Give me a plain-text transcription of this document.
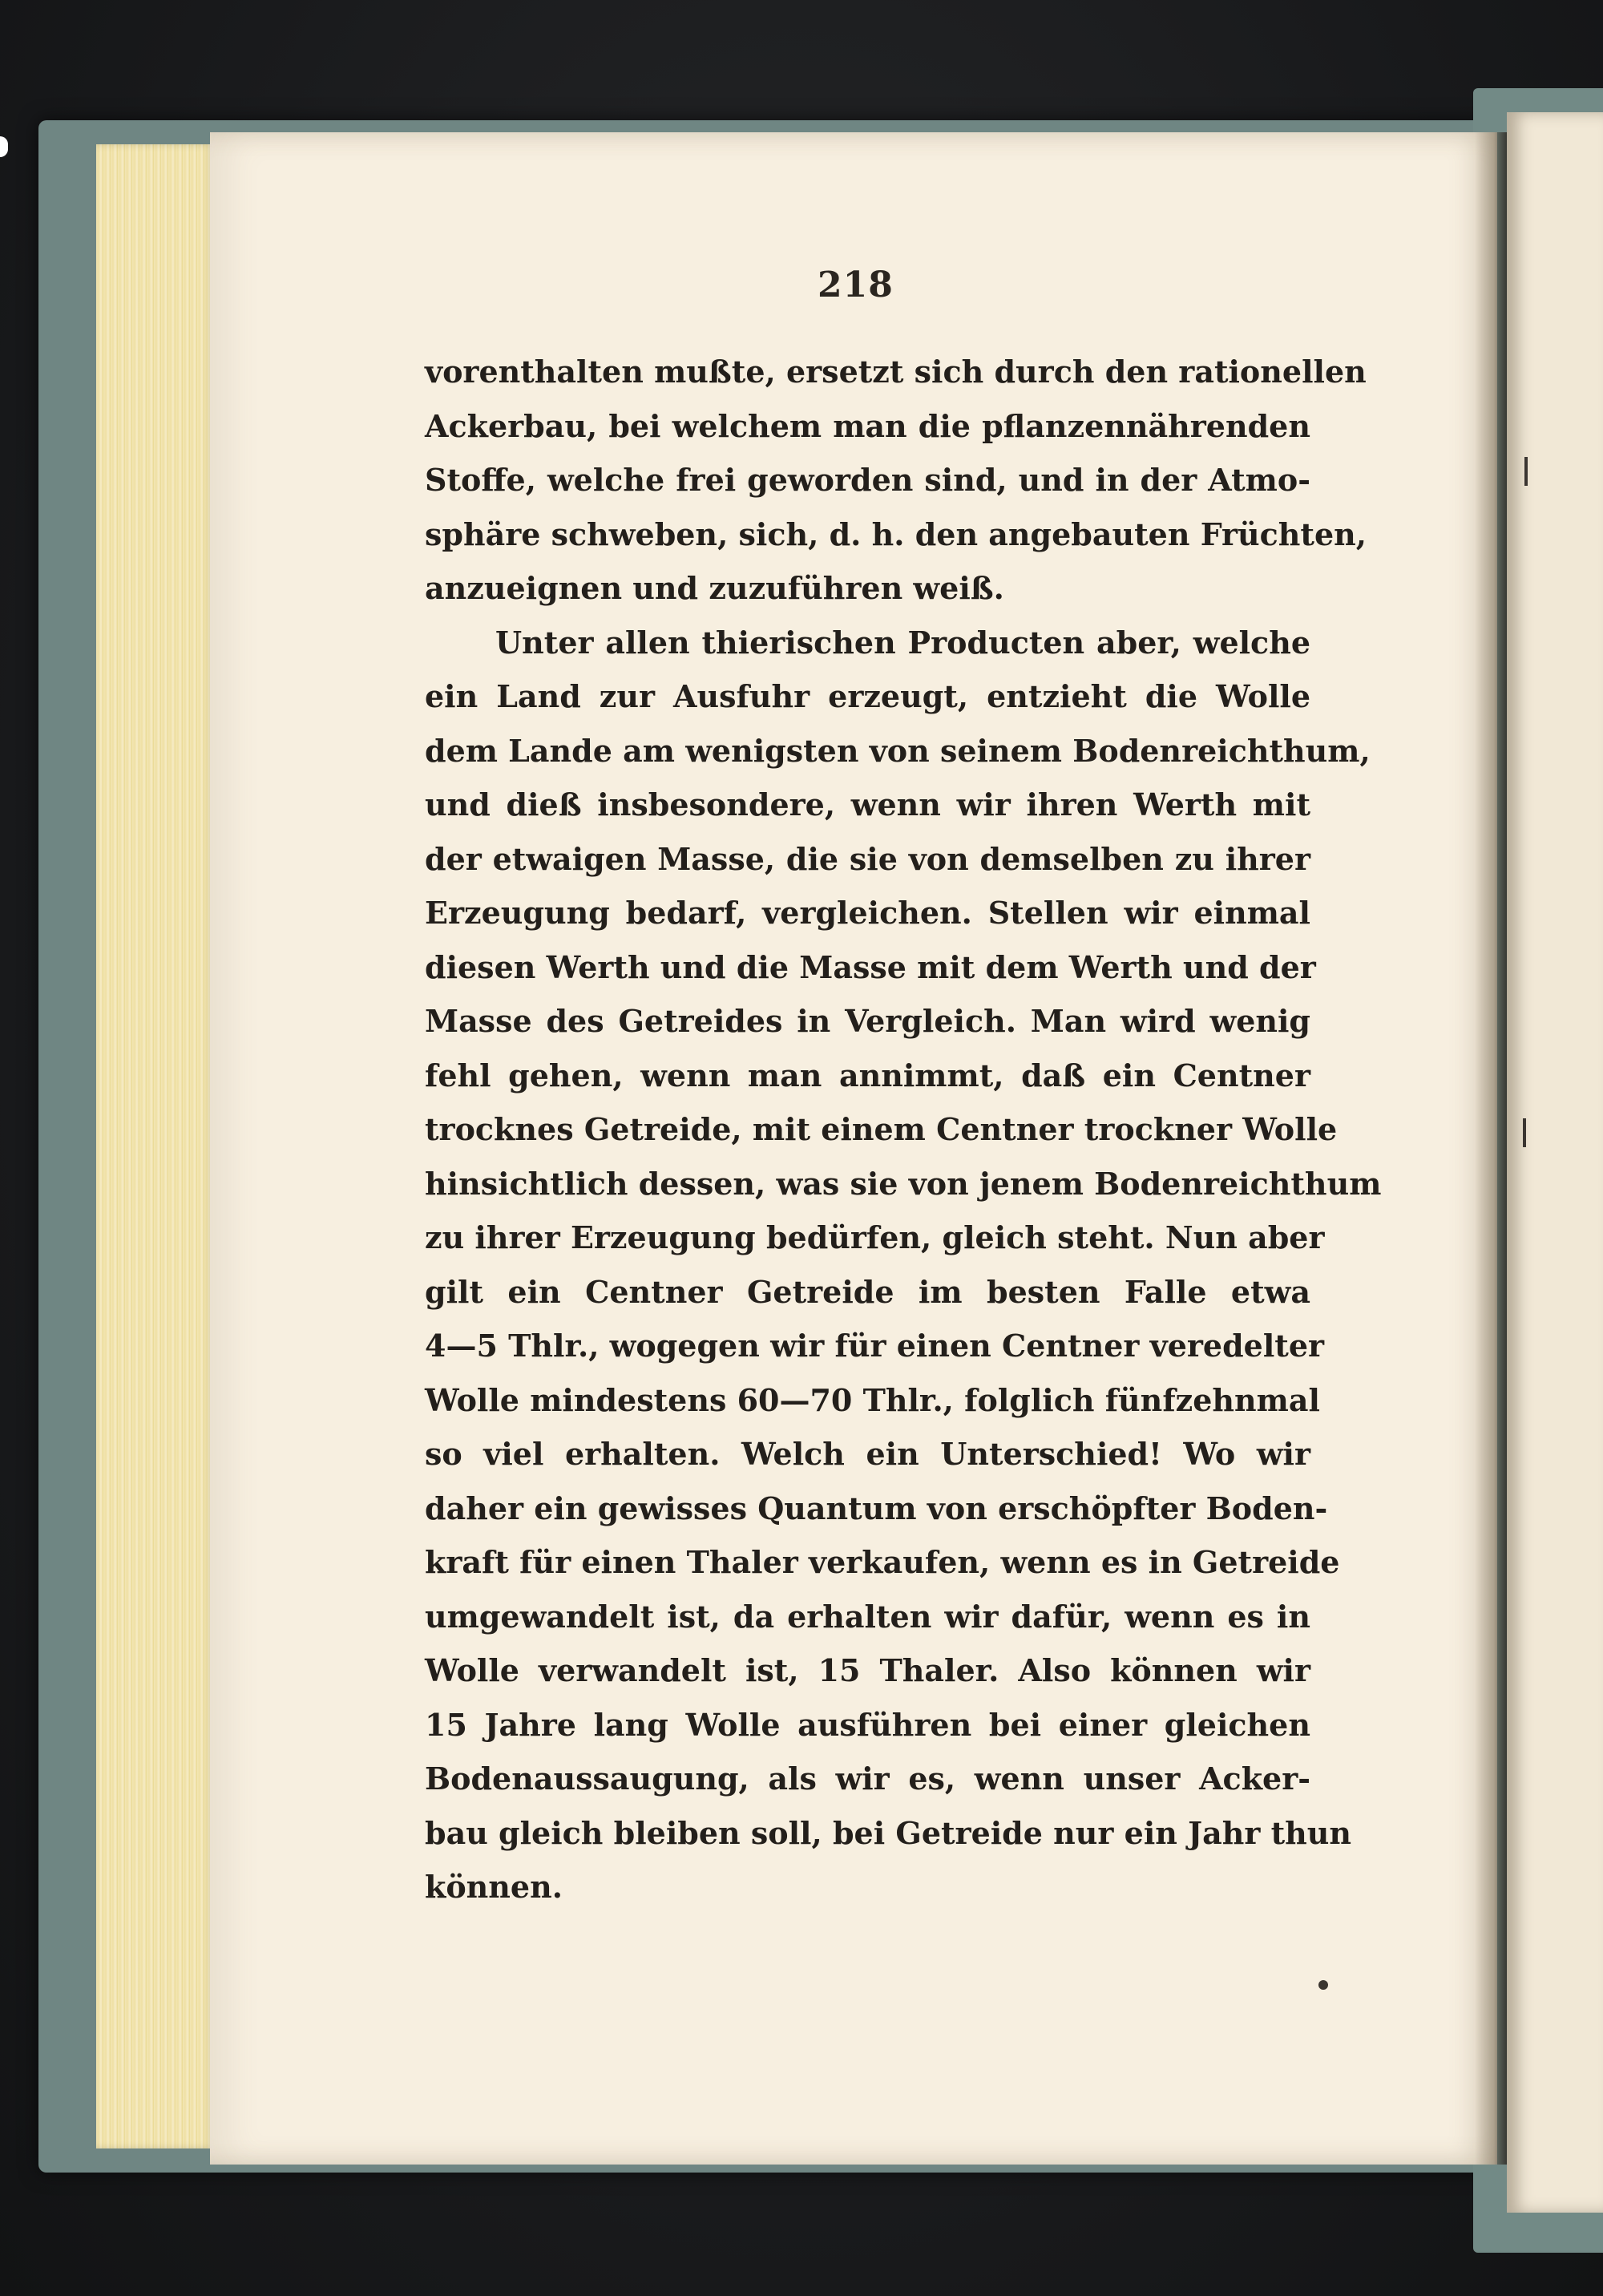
218
vorenthalten mußte, ersetzt sich durch den rationellen
Ackerbau, bei welchem man die pflanzennährenden
Stoffe, welche frei geworden sind, und in der Atmo-
sphäre schweben, sich, d. h. den angebauten Früchten,
anzueignen und zuzuführen weiß.
Unter allen thierischen Producten aber, welche
ein Land zur Ausfuhr erzeugt, entzieht die Wolle
dem Lande am wenigsten von seinem Bodenreichthum,
und dieß insbesondere, wenn wir ihren Werth mit
der etwaigen Masse, die sie von demselben zu ihrer
Erzeugung bedarf, vergleichen. Stellen wir einmal
diesen Werth und die Masse mit dem Werth und der
Masse des Getreides in Vergleich. Man wird wenig
fehl gehen, wenn man annimmt, daß ein Centner
trocknes Getreide, mit einem Centner trockner Wolle
hinsichtlich dessen, was sie von jenem Bodenreichthum
zu ihrer Erzeugung bedürfen, gleich steht. Nun aber
gilt ein Centner Getreide im besten Falle etwa
4—5 Thlr., wogegen wir für einen Centner veredelter
Wolle mindestens 60—70 Thlr., folglich fünfzehnmal
so viel erhalten. Welch ein Unterschied! Wo wir
daher ein gewisses Quantum von erschöpfter Boden-
kraft für einen Thaler verkaufen, wenn es in Getreide
umgewandelt ist, da erhalten wir dafür, wenn es in
Wolle verwandelt ist, 15 Thaler. Also können wir
15 Jahre lang Wolle ausführen bei einer gleichen
Bodenaussaugung, als wir es, wenn unser Acker-
bau gleich bleiben soll, bei Getreide nur ein Jahr thun
können.
